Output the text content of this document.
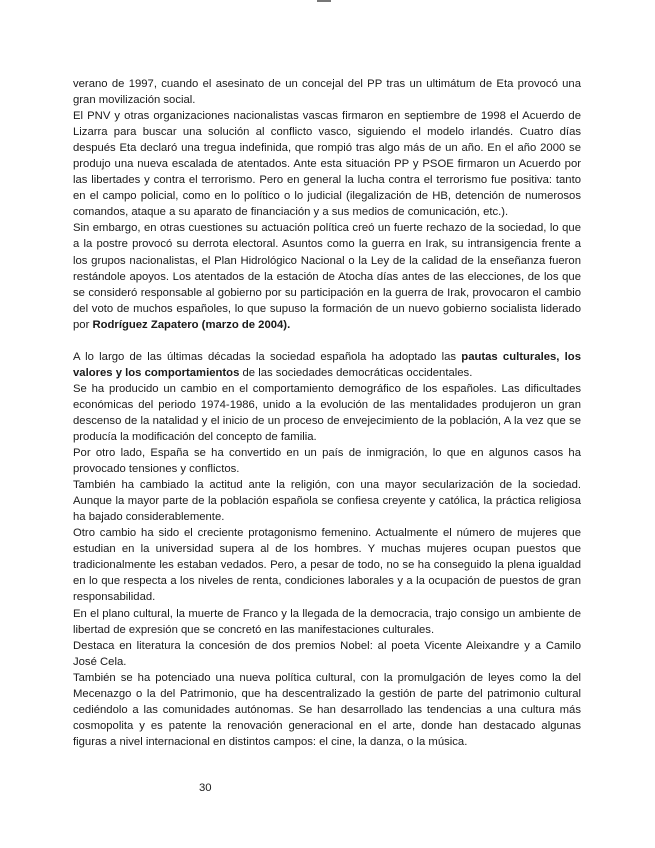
verano de 1997, cuando el asesinato de un concejal del PP tras un ultimátum de Eta provocó una gran movilización social.

El PNV y otras organizaciones nacionalistas vascas firmaron en septiembre de 1998 el Acuerdo de Lizarra para buscar una solución al conflicto vasco, siguiendo el modelo irlandés. Cuatro días después Eta declaró una tregua indefinida, que rompió tras algo más de un año. En el año 2000 se produjo una nueva escalada de atentados. Ante esta situación PP y PSOE firmaron un Acuerdo por las libertades y contra el terrorismo. Pero en general la lucha contra el terrorismo fue positiva: tanto en el campo policial, como en lo político o lo judicial (ilegalización de HB, detención de numerosos comandos, ataque a su aparato de financiación y a sus medios de comunicación, etc.).

Sin embargo, en otras cuestiones su actuación política creó un fuerte rechazo de la sociedad, lo que a la postre provocó su derrota electoral. Asuntos como la guerra en Irak, su intransigencia frente a los grupos nacionalistas, el Plan Hidrológico Nacional o la Ley de la calidad de la enseñanza fueron restándole apoyos. Los atentados de la estación de Atocha días antes de las elecciones, de los que se consideró responsable al gobierno por su participación en la guerra de Irak, provocaron el cambio del voto de muchos españoles, lo que supuso la formación de un nuevo gobierno socialista liderado por Rodríguez Zapatero (marzo de 2004).

A lo largo de las últimas décadas la sociedad española ha adoptado las pautas culturales, los valores y los comportamientos de las sociedades democráticas occidentales.

Se ha producido un cambio en el comportamiento demográfico de los españoles. Las dificultades económicas del periodo 1974-1986, unido a la evolución de las mentalidades produjeron un gran descenso de la natalidad y el inicio de un proceso de envejecimiento de la población, A la vez que se producía la modificación del concepto de familia.

Por otro lado, España se ha convertido en un país de inmigración, lo que en algunos casos ha provocado tensiones y conflictos.

También ha cambiado la actitud ante la religión, con una mayor secularización de la sociedad. Aunque la mayor parte de la población española se confiesa creyente y católica, la práctica religiosa ha bajado considerablemente.

Otro cambio ha sido el creciente protagonismo femenino. Actualmente el número de mujeres que estudian en la universidad supera al de los hombres. Y muchas mujeres ocupan puestos que tradicionalmente les estaban vedados. Pero, a pesar de todo, no se ha conseguido la plena igualdad en lo que respecta a los niveles de renta, condiciones laborales y a la ocupación de puestos de gran responsabilidad.

En el plano cultural, la muerte de Franco y la llegada de la democracia, trajo consigo un ambiente de libertad de expresión que se concretó en las manifestaciones culturales.

Destaca en literatura la concesión de dos premios Nobel: al poeta Vicente Aleixandre y a Camilo José Cela.

También se ha potenciado una nueva política cultural, con la promulgación de leyes como la del Mecenazgo o la del Patrimonio, que ha descentralizado la gestión de parte del patrimonio cultural cediéndolo a las comunidades autónomas. Se han desarrollado las tendencias a una cultura más cosmopolita y es patente la renovación generacional en el arte, donde han destacado algunas figuras a nivel internacional en distintos campos: el cine, la danza, o la música.

30
